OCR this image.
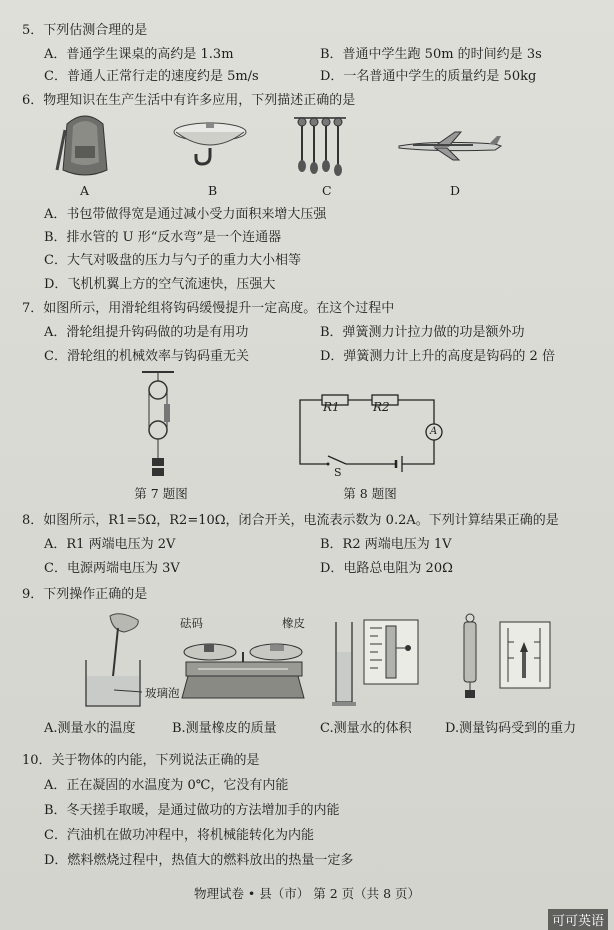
5．下列估测合理的是
A．普通学生课桌的高约是 1.3m	B．普通中学生跑 50m 的时间约是 3s
C．普通人正常行走的速度约是 5m/s	D．一名普通中学生的质量约是 50kg
6．物理知识在生产生活中有许多应用，下列描述正确的是
A	B	C	D
A．书包带做得宽是通过减小受力面积来增大压强
B．排水管的 U 形“反水弯”是一个连通器
C．大气对吸盘的压力与勺子的重力大小相等
D．飞机机翼上方的空气流速快，压强大
7．如图所示，用滑轮组将钩码缓慢提升一定高度。在这个过程中
A．滑轮组提升钩码做的功是有用功	B．弹簧测力计拉力做的功是额外功
C．滑轮组的机械效率与钩码重无关	D．弹簧测力计上升的高度是钩码的 2 倍
第 7 题图
R1	R2
A
S
第 8 题图
8．如图所示，R1=5Ω，R2=10Ω，闭合开关，电流表示数为 0.2A。下列计算结果正确的是
A．R1 两端电压为 2V	B．R2 两端电压为 1V
C．电源两端电压为 3V	D．电路总电阻为 20Ω
9．下列操作正确的是
玻璃泡
砝码	橡皮
A.测量水的温度	B.测量橡皮的质量	C.测量水的体积	D.测量钩码受到的重力
10．关于物体的内能，下列说法正确的是
A．正在凝固的水温度为 0℃，它没有内能
B．冬天搓手取暖，是通过做功的方法增加手的内能
C．汽油机在做功冲程中，将机械能转化为内能
D．燃料燃烧过程中，热值大的燃料放出的热量一定多
物理试卷 • 县（市） 第 2 页（共 8 页）
可可英语
